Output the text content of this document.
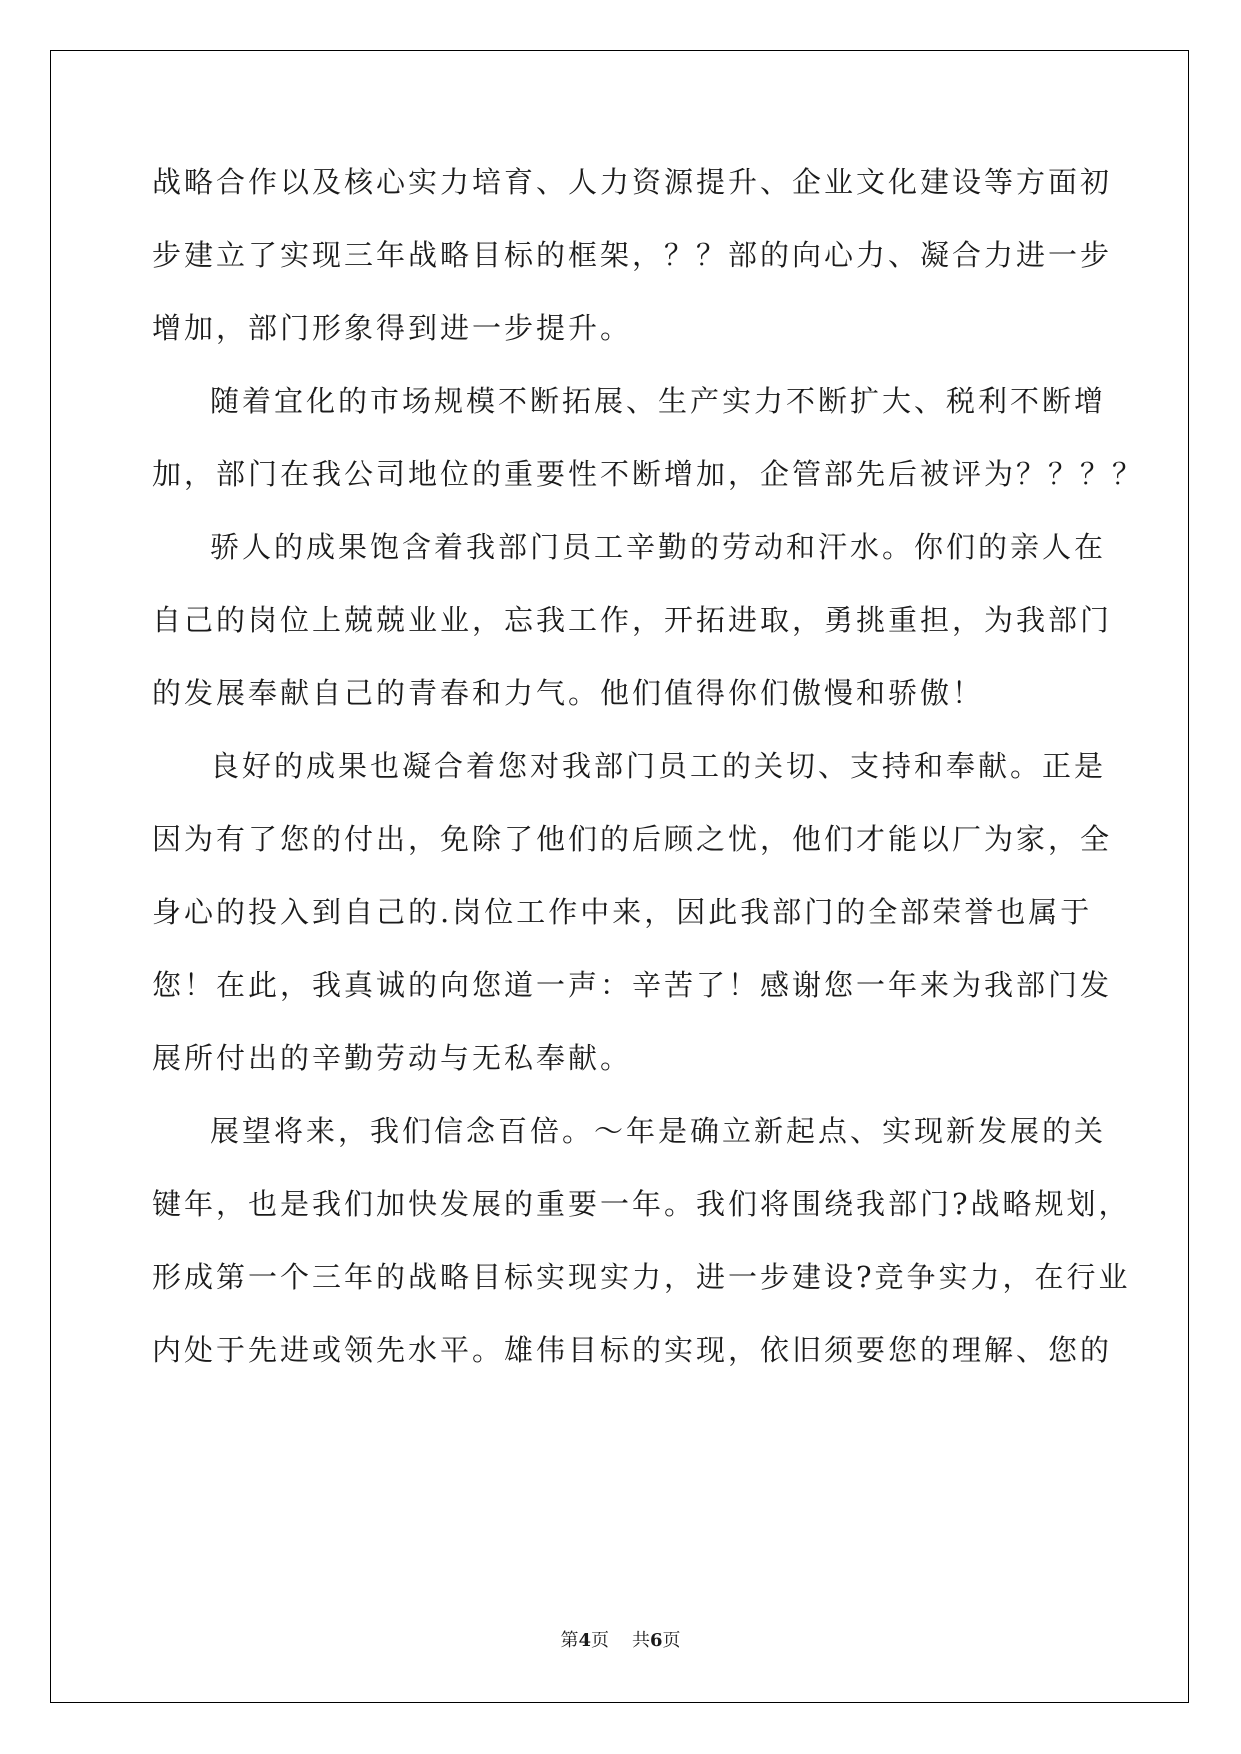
战略合作以及核心实力培育、人力资源提升、企业文化建设等方面初
步建立了实现三年战略目标的框架，？？部的向心力、凝合力进一步
增加，部门形象得到进一步提升。
随着宜化的市场规模不断拓展、生产实力不断扩大、税利不断增
加，部门在我公司地位的重要性不断增加，企管部先后被评为？？？？
骄人的成果饱含着我部门员工辛勤的劳动和汗水。你们的亲人在
自己的岗位上兢兢业业，忘我工作，开拓进取，勇挑重担，为我部门
的发展奉献自己的青春和力气。他们值得你们傲慢和骄傲！
良好的成果也凝合着您对我部门员工的关切、支持和奉献。正是
因为有了您的付出，免除了他们的后顾之忧，他们才能以厂为家，全
身心的投入到自己的.岗位工作中来，因此我部门的全部荣誉也属于
您！在此，我真诚的向您道一声：辛苦了！感谢您一年来为我部门发
展所付出的辛勤劳动与无私奉献。
展望将来，我们信念百倍。～年是确立新起点、实现新发展的关
键年，也是我们加快发展的重要一年。我们将围绕我部门?战略规划，
形成第一个三年的战略目标实现实力，进一步建设?竞争实力，在行业
内处于先进或领先水平。雄伟目标的实现，依旧须要您的理解、您的
第4页 共6页
